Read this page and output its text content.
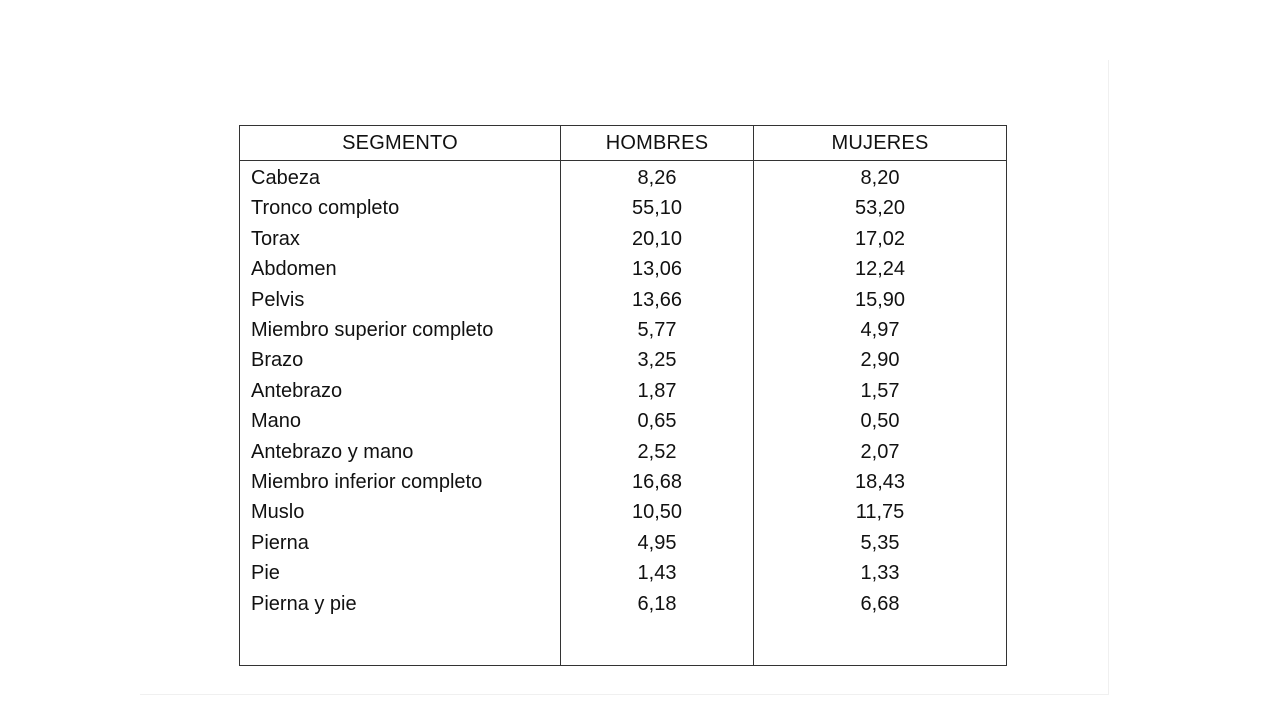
SEGMENTO	HOMBRES	MUJERES
Cabeza	8,26	8,20
Tronco completo	55,10	53,20
Torax	20,10	17,02
Abdomen	13,06	12,24
Pelvis	13,66	15,90
Miembro superior completo	5,77	4,97
Brazo	3,25	2,90
Antebrazo	1,87	1,57
Mano	0,65	0,50
Antebrazo y mano	2,52	2,07
Miembro inferior completo	16,68	18,43
Muslo	10,50	11,75
Pierna	4,95	5,35
Pie	1,43	1,33
Pierna y pie	6,18	6,68
